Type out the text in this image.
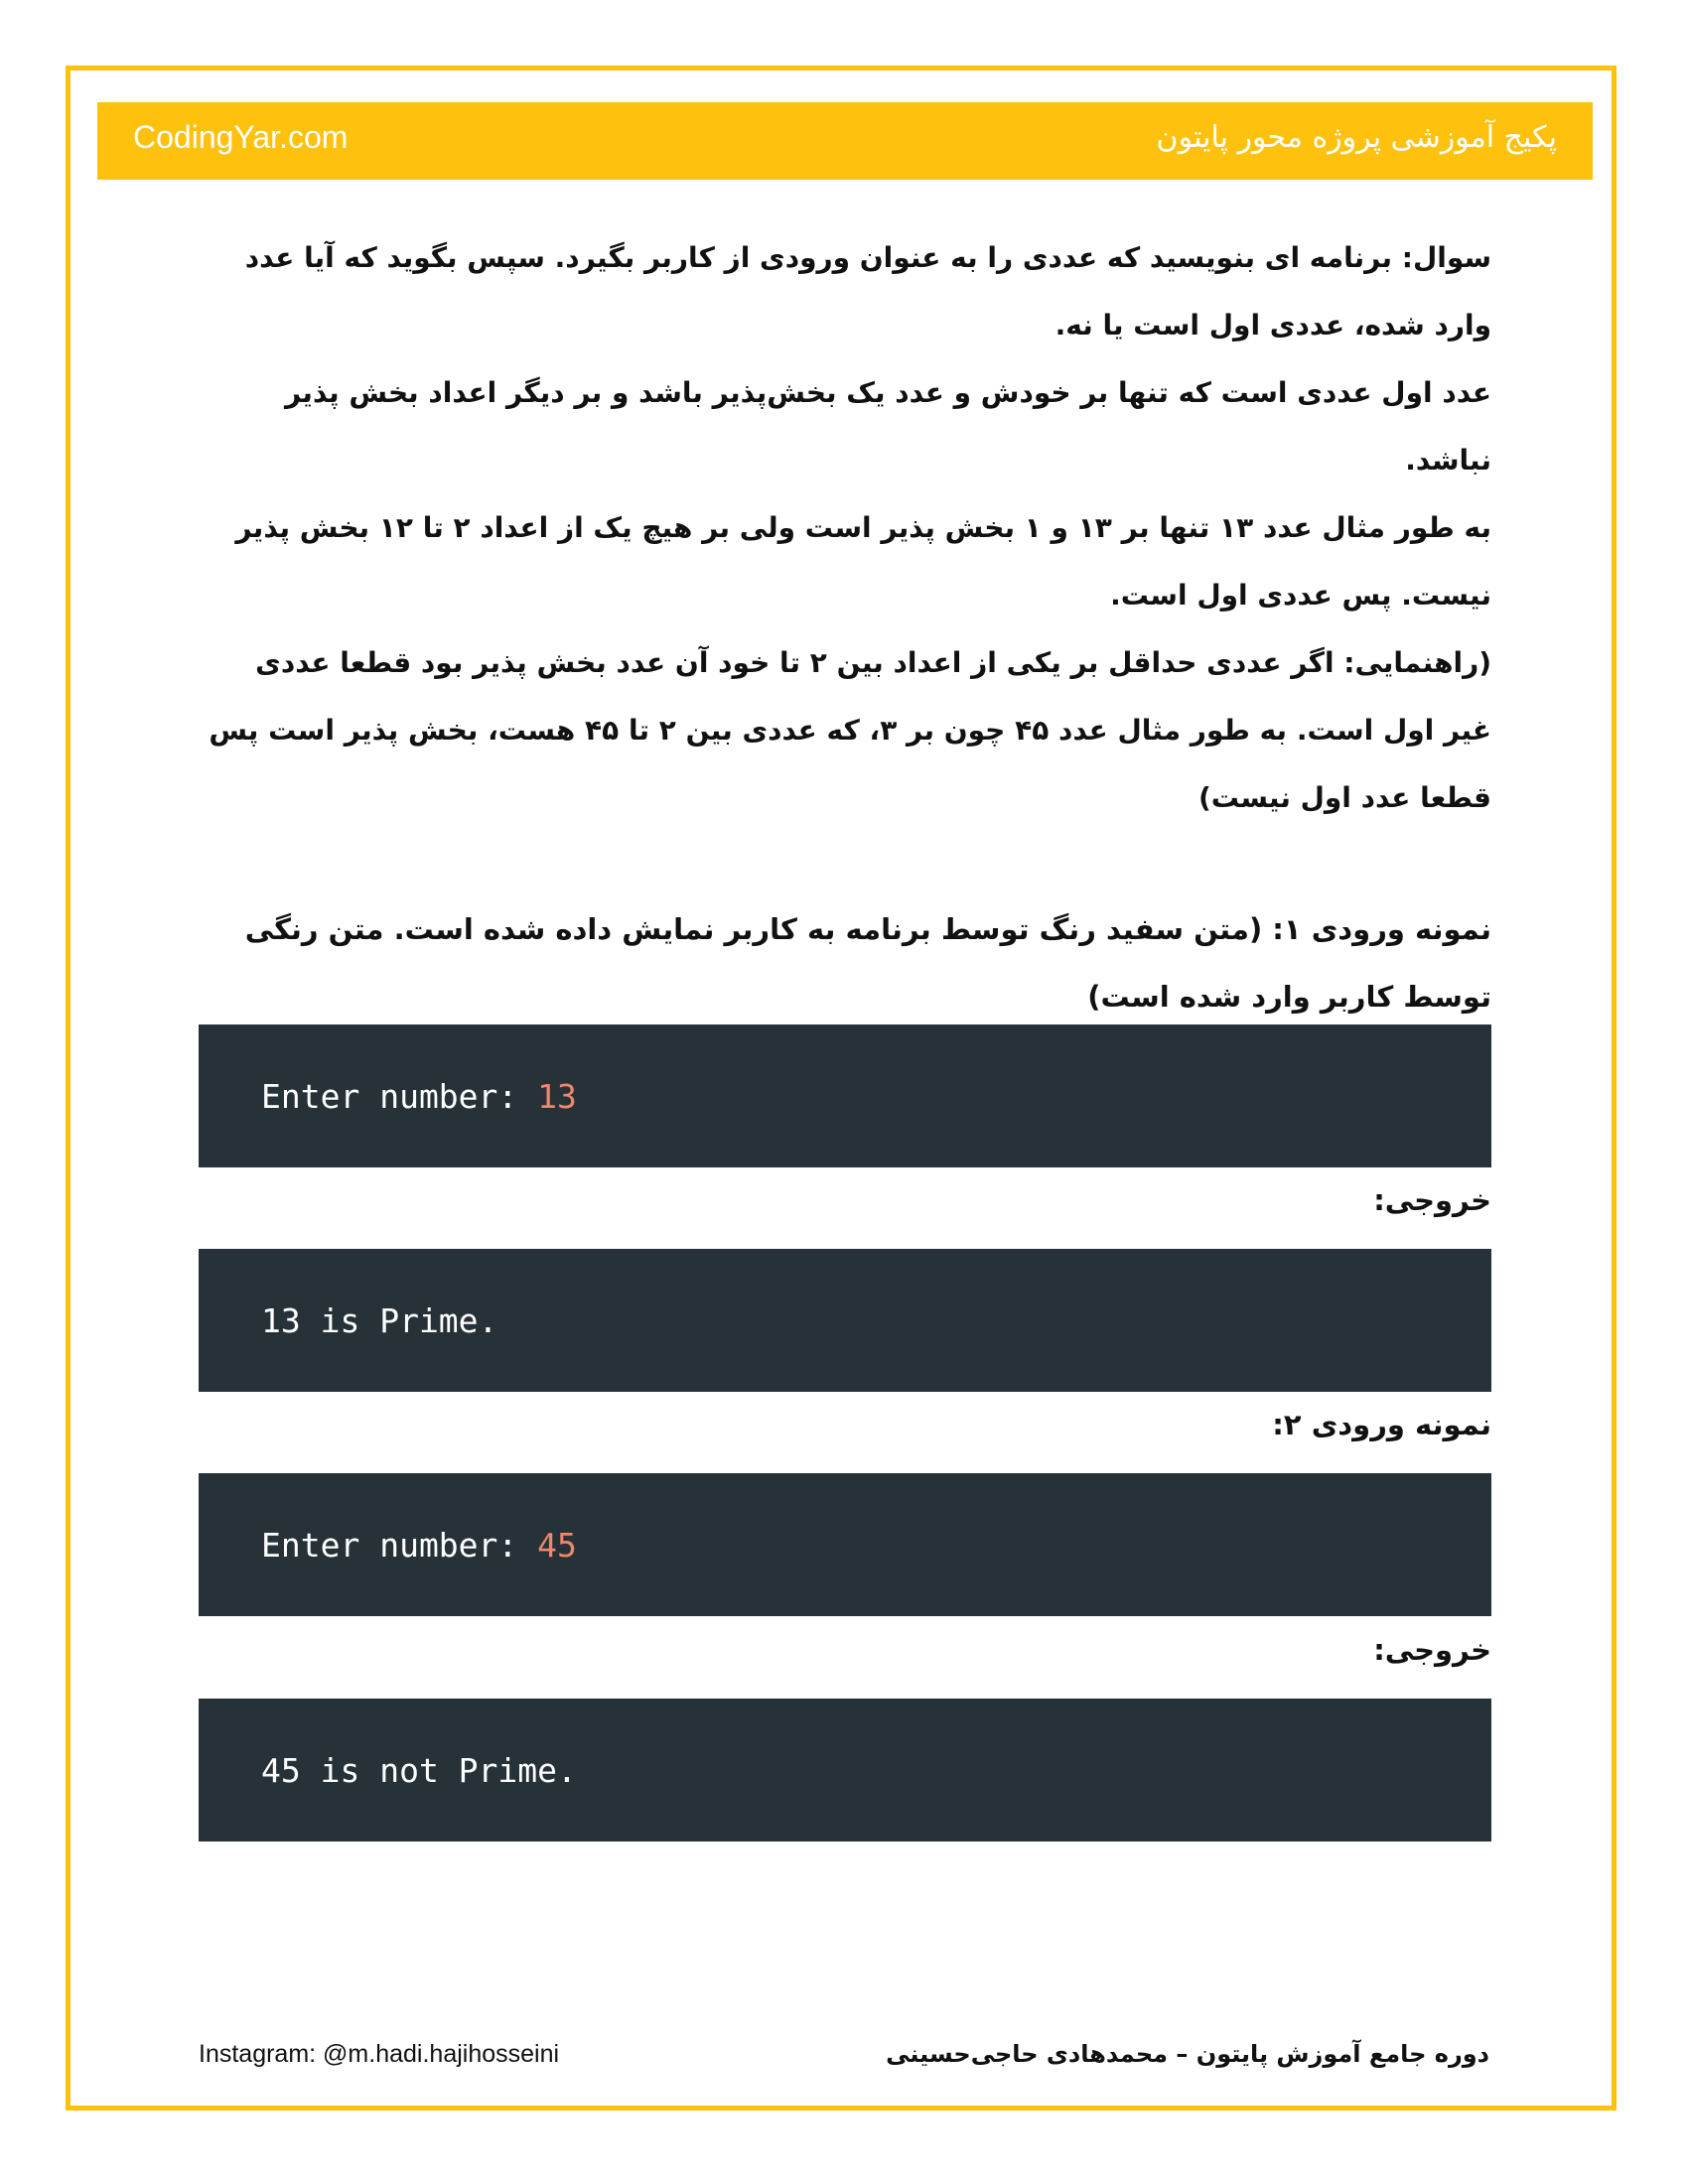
CodingYar.com	پکیج آموزشی پروژه محور پایتون

سوال: برنامه ای بنویسید که عددی را به عنوان ورودی از کاربر بگیرد. سپس بگوید که آیا عدد وارد شده، عددی اول است یا نه.

عدد اول عددی است که تنها بر خودش و عدد یک بخش‌پذیر باشد و بر دیگر اعداد بخش پذیر نباشد.

به طور مثال عدد ۱۳ تنها بر ۱۳ و ۱ بخش پذیر است ولی بر هیچ یک از اعداد ۲ تا ۱۲ بخش پذیر نیست. پس عددی اول است.

(راهنمایی: اگر عددی حداقل بر یکی از اعداد بین ۲ تا خود آن عدد بخش پذیر بود قطعا عددی غیر اول است. به طور مثال عدد ۴۵ چون بر ۳، که عددی بین ۲ تا ۴۵ هست، بخش پذیر است پس قطعا عدد اول نیست)

نمونه ورودی ۱: (متن سفید رنگ توسط برنامه به کاربر نمایش داده شده است. متن رنگی توسط کاربر وارد شده است)
Enter number: 13
خروجی:
13 is Prime.
نمونه ورودی ۲:
Enter number: 45
خروجی:
45 is not Prime.
Instagram: @m.hadi.hajihosseini	دوره جامع آموزش پایتون – محمدهادی حاجی‌حسینی
